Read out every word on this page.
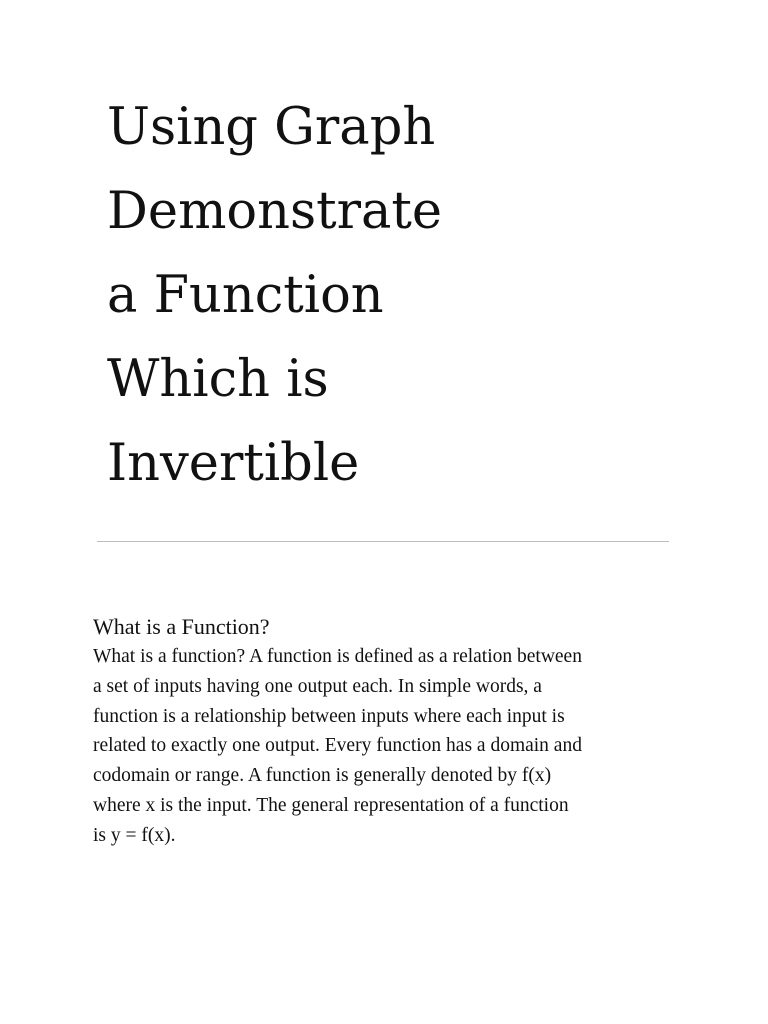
Using Graph
Demonstrate
a Function
Which is
Invertible
What is a Function?

What is a function? A function is defined as a relation between
a set of inputs having one output each. In simple words, a
function is a relationship between inputs where each input is
related to exactly one output. Every function has a domain and
codomain or range. A function is generally denoted by f(x)
where x is the input. The general representation of a function
is y = f(x).
